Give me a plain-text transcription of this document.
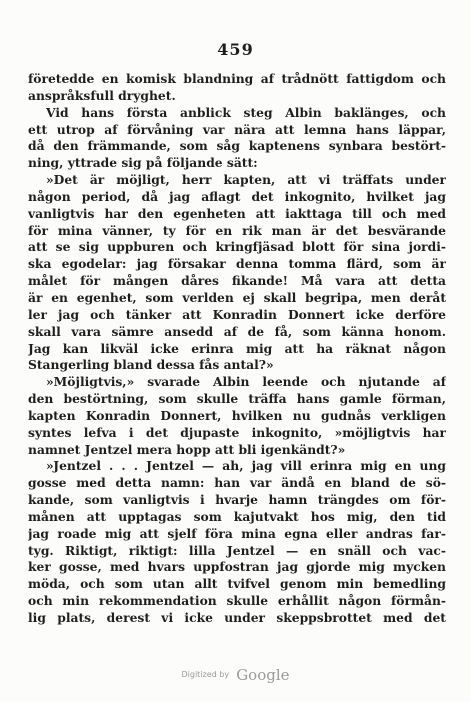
459
företedde en komisk blandning af trådnött fattigdom och
anspråksfull dryghet.
Vid hans första anblick steg Albin baklänges, och
ett utrop af förvåning var nära att lemna hans läppar,
då den främmande, som såg kaptenens synbara bestört-
ning, yttrade sig på följande sätt:
»Det är möjligt, herr kapten, att vi träffats under
någon period, då jag aflagt det inkognito, hvilket jag
vanligtvis har den egenheten att iakttaga till och med
för mina vänner, ty för en rik man är det besvärande
att se sig uppburen och kringfjäsad blott för sina jordi-
ska egodelar: jag försakar denna tomma flärd, som är
målet för mången dåres fikande! Må vara att detta
är en egenhet, som verlden ej skall begripa, men deråt
ler jag och tänker att Konradin Donnert icke derföre
skall vara sämre ansedd af de få, som känna honom.
Jag kan likväl icke erinra mig att ha räknat någon
Stangerling bland dessa fås antal?»
»Möjligtvis,» svarade Albin leende och njutande af
den bestörtning, som skulle träffa hans gamle förman,
kapten Konradin Donnert, hvilken nu gudnås verkligen
syntes lefva i det djupaste inkognito, »möjligtvis har
namnet Jentzel mera hopp att bli igenkändt?»
»Jentzel . . . Jentzel — ah, jag vill erinra mig en ung
gosse med detta namn: han var ändå en bland de sö-
kande, som vanligtvis i hvarje hamn trängdes om för-
månen att upptagas som kajutvakt hos mig, den tid
jag roade mig att sjelf föra mina egna eller andras far-
tyg. Riktigt, riktigt: lilla Jentzel — en snäll och vac-
ker gosse, med hvars uppfostran jag gjorde mig mycken
möda, och som utan allt tvifvel genom min bemedling
och min rekommendation skulle erhållit någon förmån-
lig plats, derest vi icke under skeppsbrottet med det
Digitized by Google
